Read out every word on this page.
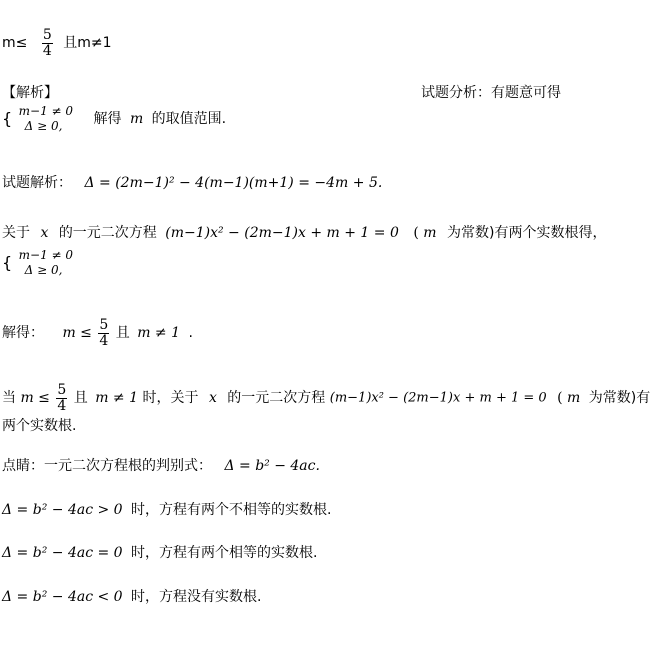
$m\le \frac{5}{4}$ 且m≠1
【解析】	试题分析：有题意可得
{ m−1 ≠ 0
Δ ≥ 0,	解得 m 的取值范围.
试题解析： Δ = (2m−1)² − 4(m−1)(m+1) = −4m + 5.
关于 x 的一元二次方程 (m−1)x² − (2m−1)x + m + 1 = 0 ( m 为常数)有两个实数根得，
{ m−1 ≠ 0
Δ ≥ 0,
解得： $m \le \frac{5}{4}$ 且 m ≠ 1 .
当 $m \le \frac{5}{4}$ 且 m ≠ 1 时，关于 x 的一元二次方程 (m−1)x² − (2m−1)x + m + 1 = 0 ( m 为常数)有
两个实数根.
点睛：一元二次方程根的判别式： Δ = b² − 4ac.
Δ = b² − 4ac > 0 时，方程有两个不相等的实数根.
Δ = b² − 4ac = 0 时，方程有两个相等的实数根.
Δ = b² − 4ac < 0 时，方程没有实数根.
